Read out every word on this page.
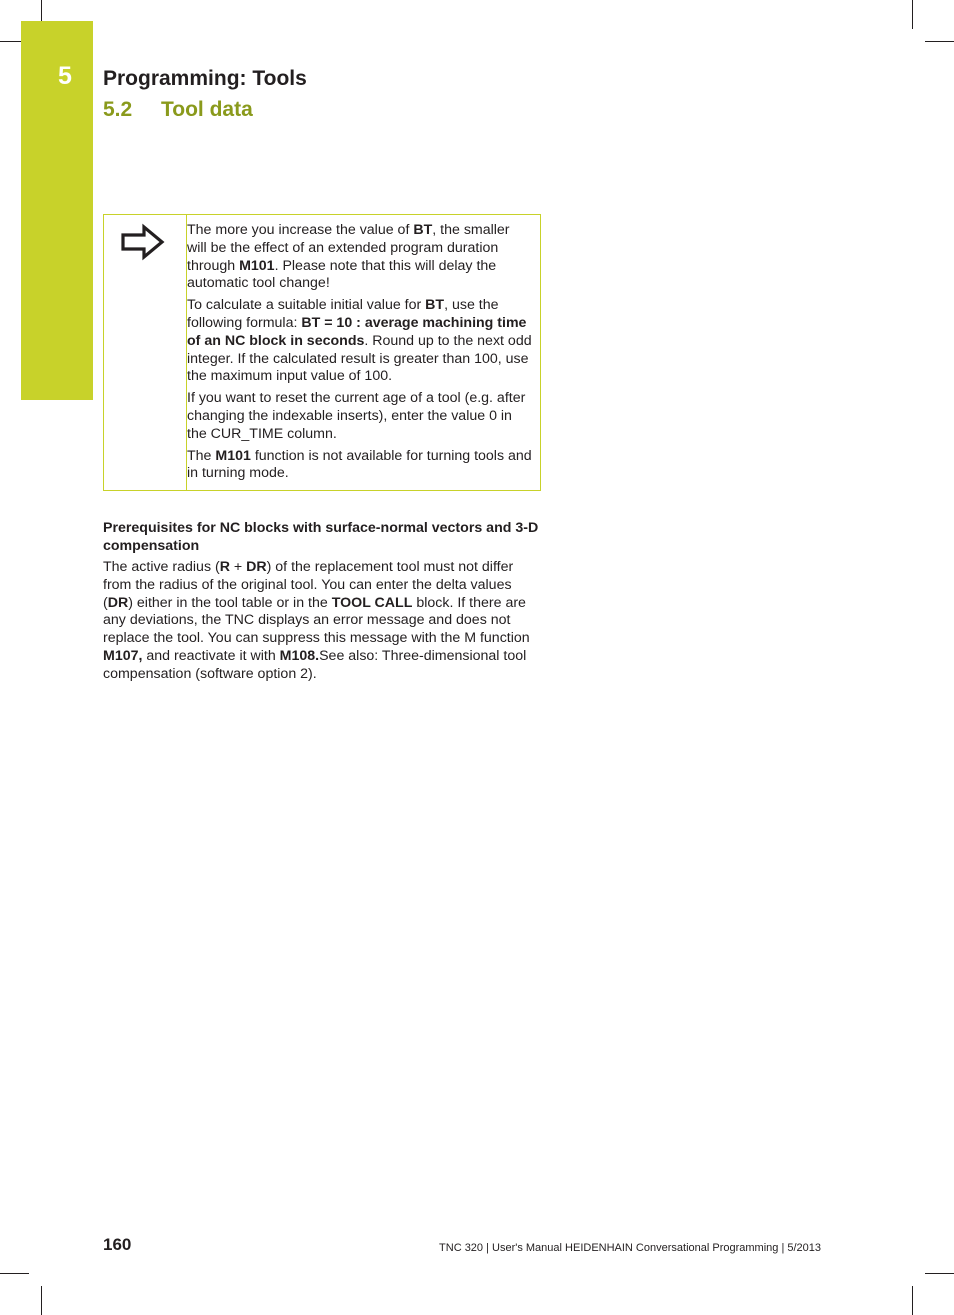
5 Programming: Tools
5.2 Tool data

The more you increase the value of BT, the smaller will be the effect of an extended program duration through M101. Please note that this will delay the automatic tool change!

To calculate a suitable initial value for BT, use the following formula: BT = 10 : average machining time of an NC block in seconds. Round up to the next odd integer. If the calculated result is greater than 100, use the maximum input value of 100.

If you want to reset the current age of a tool (e.g. after changing the indexable inserts), enter the value 0 in the CUR_TIME column.

The M101 function is not available for turning tools and in turning mode.

Prerequisites for NC blocks with surface-normal vectors and 3-D compensation

The active radius (R + DR) of the replacement tool must not differ from the radius of the original tool. You can enter the delta values (DR) either in the tool table or in the TOOL CALL block. If there are any deviations, the TNC displays an error message and does not replace the tool. You can suppress this message with the M function M107, and reactivate it with M108.See also: Three-dimensional tool compensation (software option 2).

160	TNC 320 | User's Manual HEIDENHAIN Conversational Programming | 5/2013
